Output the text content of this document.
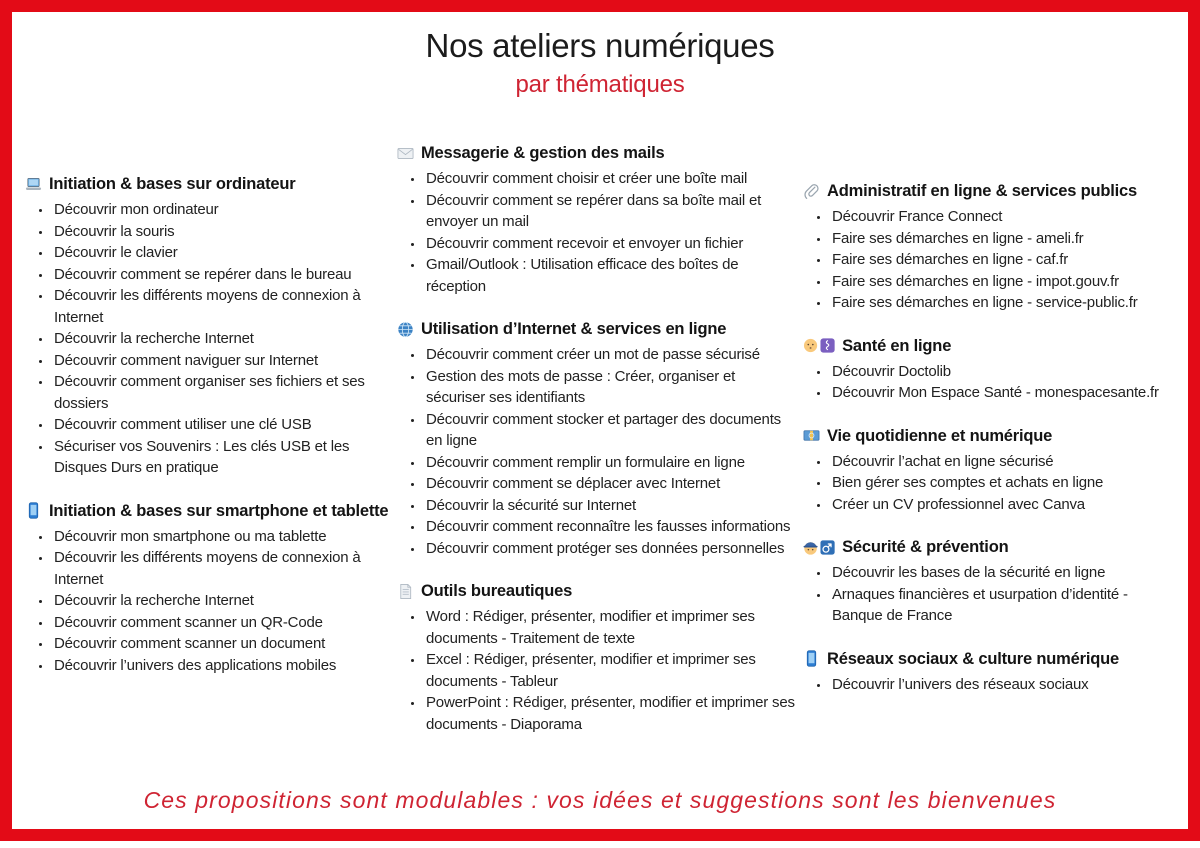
Nos ateliers numériques
par thématiques
Initiation & bases sur ordinateur
• Découvrir mon ordinateur
• Découvrir la souris
• Découvrir le clavier
• Découvrir comment se repérer dans le bureau
• Découvrir les différents moyens de connexion à Internet
• Découvrir la recherche Internet
• Découvrir comment naviguer sur Internet
• Découvrir comment organiser ses fichiers et ses dossiers
• Découvrir comment utiliser une clé USB
• Sécuriser vos Souvenirs : Les clés USB et les Disques Durs en pratique
Initiation & bases sur smartphone et tablette
• Découvrir mon smartphone ou ma tablette
• Découvrir les différents moyens de connexion à Internet
• Découvrir la recherche Internet
• Découvrir comment scanner un QR-Code
• Découvrir comment scanner un document
• Découvrir l’univers des applications mobiles
Messagerie & gestion des mails
• Découvrir comment choisir et créer une boîte mail
• Découvrir comment se repérer dans sa boîte mail et envoyer un mail
• Découvrir comment recevoir et envoyer un fichier
• Gmail/Outlook : Utilisation efficace des boîtes de réception
Utilisation d’Internet & services en ligne
• Découvrir comment créer un mot de passe sécurisé
• Gestion des mots de passe : Créer, organiser et sécuriser ses identifiants
• Découvrir comment stocker et partager des documents en ligne
• Découvrir comment remplir un formulaire en ligne
• Découvrir comment se déplacer avec Internet
• Découvrir la sécurité sur Internet
• Découvrir comment reconnaître les fausses informations
• Découvrir comment protéger ses données personnelles
Outils bureautiques
• Word : Rédiger, présenter, modifier et imprimer ses documents - Traitement de texte
• Excel : Rédiger, présenter, modifier et imprimer ses documents - Tableur
• PowerPoint : Rédiger, présenter, modifier et imprimer ses documents - Diaporama
Administratif en ligne & services publics
• Découvrir France Connect
• Faire ses démarches en ligne - ameli.fr
• Faire ses démarches en ligne - caf.fr
• Faire ses démarches en ligne - impot.gouv.fr
• Faire ses démarches en ligne - service-public.fr
Santé en ligne
• Découvrir Doctolib
• Découvrir Mon Espace Santé - monespacesante.fr
Vie quotidienne et numérique
• Découvrir l’achat en ligne sécurisé
• Bien gérer ses comptes et achats en ligne
• Créer un CV professionnel avec Canva
Sécurité & prévention
• Découvrir les bases de la sécurité en ligne
• Arnaques financières et usurpation d’identité - Banque de France
Réseaux sociaux & culture numérique
• Découvrir l’univers des réseaux sociaux
Ces propositions sont modulables : vos idées et suggestions sont les bienvenues
